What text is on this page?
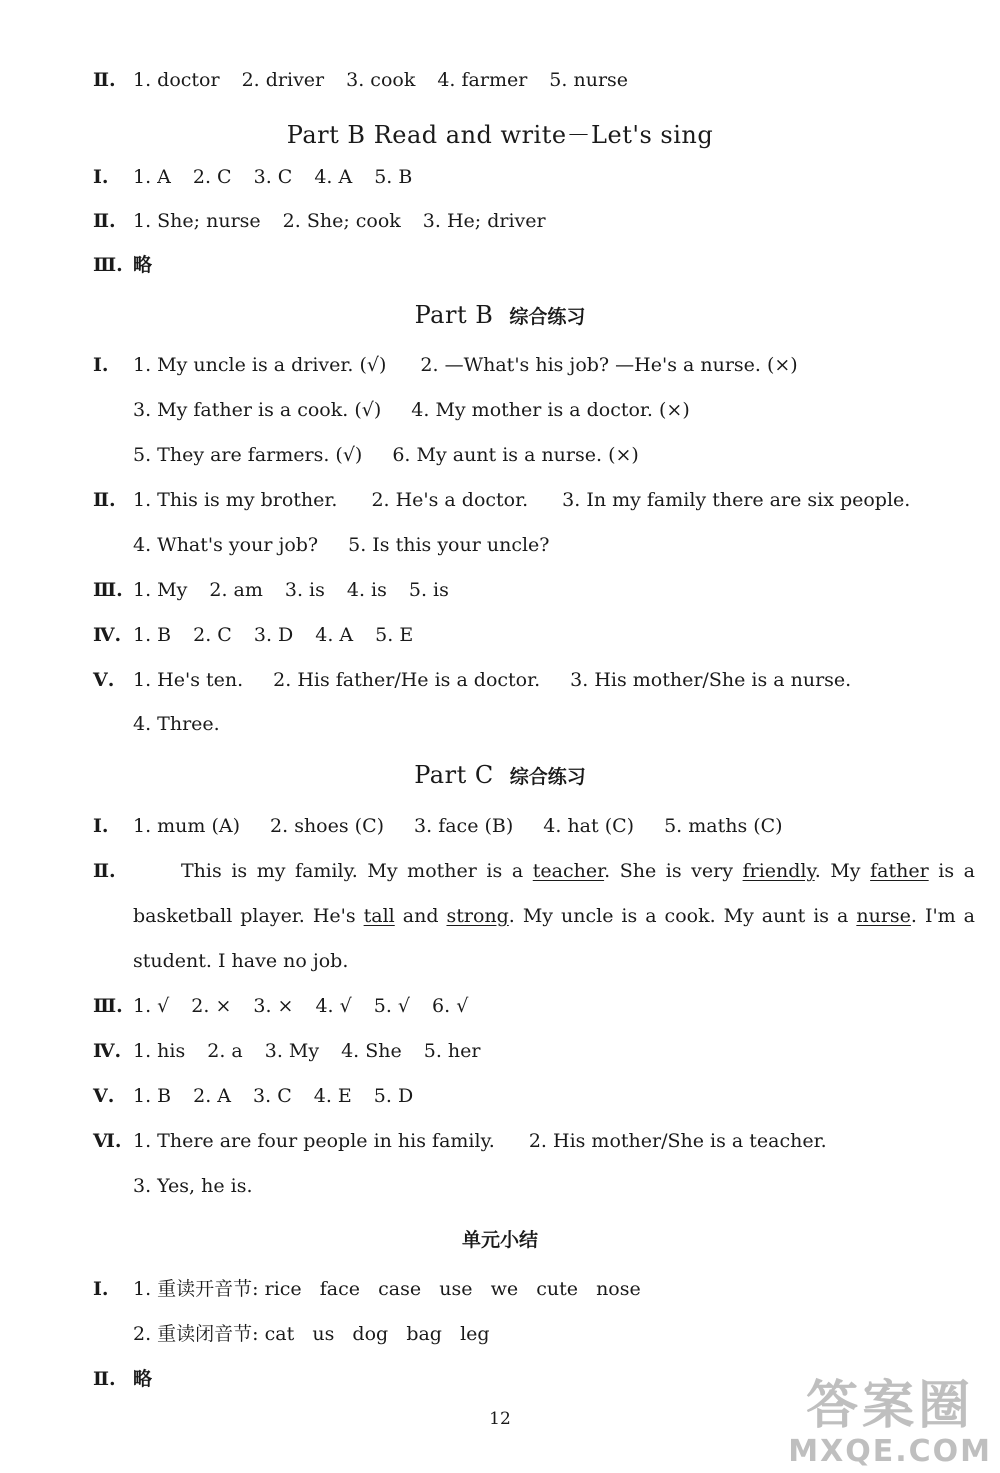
Ⅱ. 1. doctor 2. driver 3. cook 4. farmer 5. nurse
Part B Read and write－Let's sing
Ⅰ. 1. A 2. C 3. C 4. A 5. B
Ⅱ. 1. She; nurse 2. She; cook 3. He; driver
Ⅲ. 略
Part B 综合练习
Ⅰ. 1. My uncle is a driver. (√) 2. —What's his job? —He's a nurse. (×)
3. My father is a cook. (√) 4. My mother is a doctor. (×)
5. They are farmers. (√) 6. My aunt is a nurse. (×)
Ⅱ. 1. This is my brother. 2. He's a doctor. 3. In my family there are six people.
4. What's your job? 5. Is this your uncle?
Ⅲ. 1. My 2. am 3. is 4. is 5. is
Ⅳ. 1. B 2. C 3. D 4. A 5. E
Ⅴ. 1. He's ten. 2. His father/He is a doctor. 3. His mother/She is a nurse.
4. Three.
Part C 综合练习
Ⅰ. 1. mum (A) 2. shoes (C) 3. face (B) 4. hat (C) 5. maths (C)
Ⅱ.	This is my family. My mother is a teacher. She is very friendly. My father is a
basketball player. He's tall and strong. My uncle is a cook. My aunt is a nurse. I'm a
student. I have no job.
Ⅲ. 1. √ 2. × 3. × 4. √ 5. √ 6. √
Ⅳ. 1. his 2. a 3. My 4. She 5. her
Ⅴ. 1. B 2. A 3. C 4. E 5. D
Ⅵ. 1. There are four people in his family. 2. His mother/She is a teacher.
3. Yes, he is.
单元小结
Ⅰ. 1. 重读开音节: rice   face   case   use   we   cute   nose
2. 重读闭音节: cat   us   dog   bag   leg
Ⅱ. 略
12	答案圈
MXQE.COM
